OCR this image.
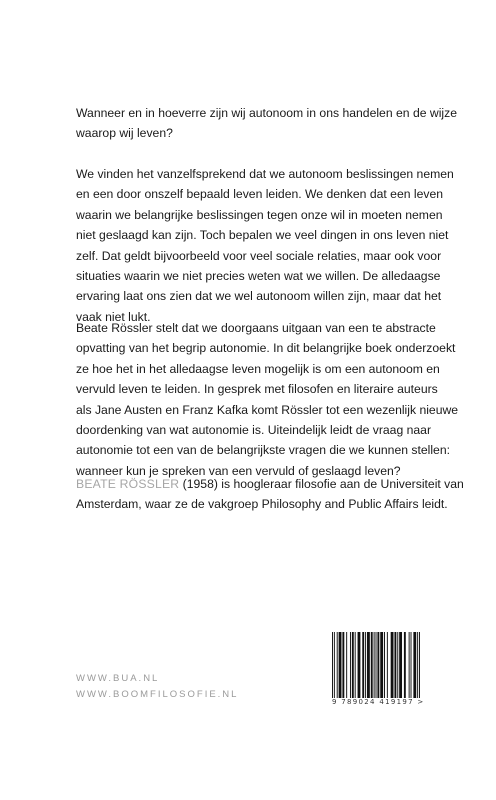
Wanneer en in hoeverre zijn wij autonoom in ons handelen en de wijze
waarop wij leven?
We vinden het vanzelfsprekend dat we autonoom beslissingen nemen
en een door onszelf bepaald leven leiden. We denken dat een leven
waarin we belangrijke beslissingen tegen onze wil in moeten nemen
niet geslaagd kan zijn. Toch bepalen we veel dingen in ons leven niet
zelf. Dat geldt bijvoorbeeld voor veel sociale relaties, maar ook voor
situaties waarin we niet precies weten wat we willen. De alledaagse
ervaring laat ons zien dat we wel autonoom willen zijn, maar dat het
vaak niet lukt.
Beate Rössler stelt dat we doorgaans uitgaan van een te abstracte
opvatting van het begrip autonomie. In dit belangrijke boek onderzoekt
ze hoe het in het alledaagse leven mogelijk is om een autonoom en
vervuld leven te leiden. In gesprek met filosofen en literaire auteurs
als Jane Austen en Franz Kafka komt Rössler tot een wezenlijk nieuwe
doordenking van wat autonomie is. Uiteindelijk leidt de vraag naar
autonomie tot een van de belangrijkste vragen die we kunnen stellen:
wanneer kun je spreken van een vervuld of geslaagd leven?
BEATE RÖSSLER (1958) is hoogleraar filosofie aan de Universiteit van
Amsterdam, waar ze de vakgroep Philosophy and Public Affairs leidt.
WWW.BUA.NL
WWW.BOOMFILOSOFIE.NL
9 789024 419197 >
